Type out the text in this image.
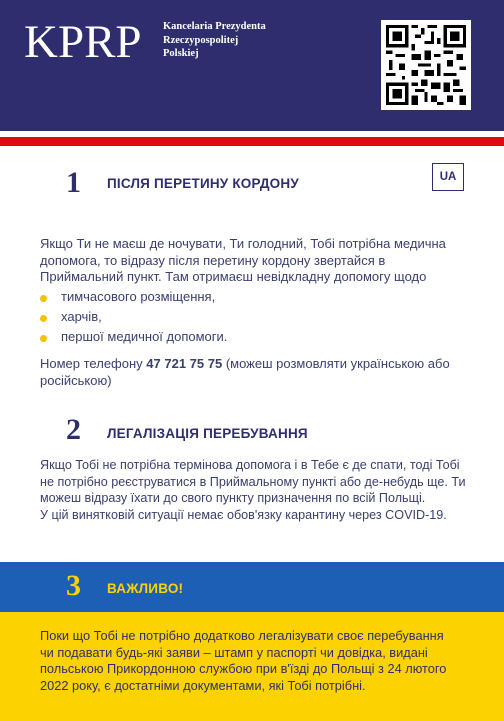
KPRP Kancelaria Prezydenta
Rzeczypospolitej
Polskiej
1 ПІСЛЯ ПЕРЕТИНУ КОРДОНУ	UA
Якщо Ти не маєш де ночувати, Ти голодний, Тобі потрібна медична
допомога, то відразу після перетину кордону звертайся в
Приймальний пункт. Там отримаєш невідкладну допомогу щодо
тимчасового розміщення,
харчів,
першої медичної допомоги.
Номер телефону 47 721 75 75 (можеш розмовляти українською або
російською)
2 ЛЕГАЛІЗАЦІЯ ПЕРЕБУВАННЯ
Якщо Тобі не потрібна термінова допомога і в Тебе є де спати, тоді Тобі
не потрібно реєструватися в Приймальному пункті або де-небудь ще. Ти
можеш відразу їхати до свого пункту призначення по всій Польщі.
У цій винятковій ситуації немає обов'язку карантину через COVID-19.
3 ВАЖЛИВО!
Поки що Тобі не потрібно додатково легалізувати своє перебування
чи подавати будь-які заяви – штамп у паспорті чи довідка, видані
польською Прикордонною службою при в'їзді до Польщі з 24 лютого
2022 року, є достатніми документами, які Тобі потрібні.
